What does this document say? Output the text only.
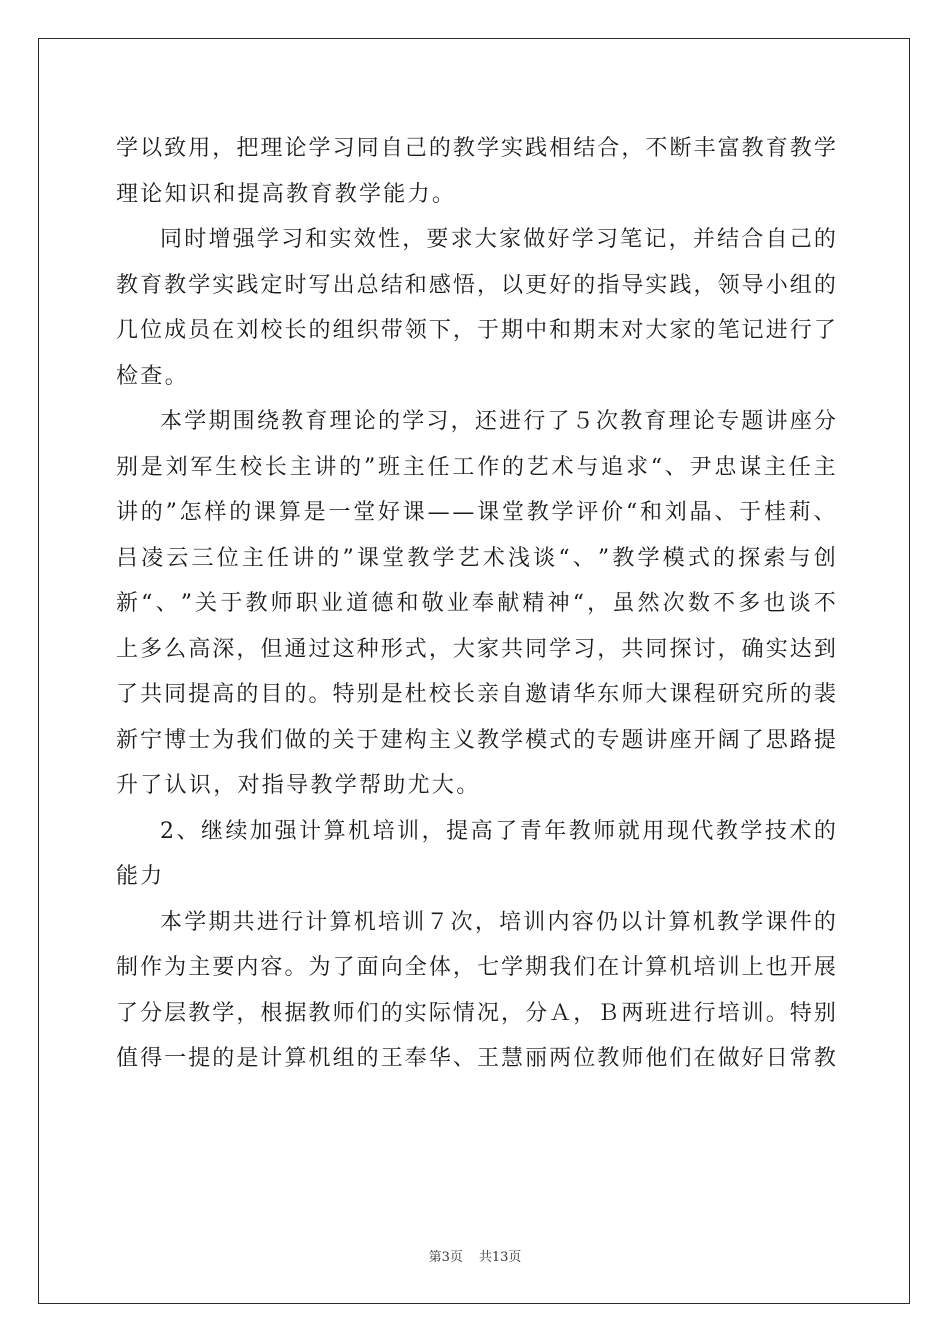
学 以 致 用 ， 把 理 论 学 习 同 自 己 的 教 学 实 践 相 结 合 ， 不 断 丰 富 教 育 教 学
理论知识和提高教育教学能力。
同 时 增 强 学 习 和 实 效 性 ， 要 求 大 家 做 好 学 习 笔 记 ， 并 结 合 自 己 的
教 育 教 学 实 践 定 时 写 出 总 结 和 感 悟 ， 以 更 好 的 指 导 实 践 ， 领 导 小 组 的
几 位 成 员 在 刘 校 长 的 组 织 带 领 下 ， 于 期 中 和 期 末 对 大 家 的 笔 记 进 行 了
检查。
本 学 期 围 绕 教 育 理 论 的 学 习 ， 还 进 行 了 ５ 次 教 育 理 论 专 题 讲 座 分
别 是 刘 军 生 校 长 主 讲 的 ” 班 主 任 工 作 的 艺 术 与 追 求 “ 、 尹 忠 谋 主 任 主
讲 的 ” 怎 样 的 课 算 是 一 堂 好 课 — — 课 堂 教 学 评 价 “ 和 刘 晶 、 于 桂 莉 、
吕 凌 云 三 位 主 任 讲 的 ” 课 堂 教 学 艺 术 浅 谈 “ 、 ” 教 学 模 式 的 探 索 与 创
新 “ 、 ” 关 于 教 师 职 业 道 德 和 敬 业 奉 献 精 神 “ ， 虽 然 次 数 不 多 也 谈 不
上 多 么 高 深 ， 但 通 过 这 种 形 式 ， 大 家 共 同 学 习 ， 共 同 探 讨 ， 确 实 达 到
了 共 同 提 高 的 目 的 。 特 别 是 杜 校 长 亲 自 邀 请 华 东 师 大 课 程 研 究 所 的 裴
新 宁 博 士 为 我 们 做 的 关 于 建 构 主 义 教 学 模 式 的 专 题 讲 座 开 阔 了 思 路 提
升了认识，对指导教学帮助尤大。
2 、 继 续 加 强 计 算 机 培 训 ， 提 高 了 青 年 教 师 就 用 现 代 教 学 技 术 的
能力
本 学 期 共 进 行 计 算 机 培 训 ７ 次 ， 培 训 内 容 仍 以 计 算 机 教 学 课 件 的
制 作 为 主 要 内 容 。 为 了 面 向 全 体 ， 七 学 期 我 们 在 计 算 机 培 训 上 也 开 展
了 分 层 教 学 ， 根 据 教 师 们 的 实 际 情 况 ， 分 Ａ ， Ｂ 两 班 进 行 培 训 。 特 别
值 得 一 提 的 是 计 算 机 组 的 王 奉 华 、 王 慧 丽 两 位 教 师 他 们 在 做 好 日 常 教
第3页 共13页
